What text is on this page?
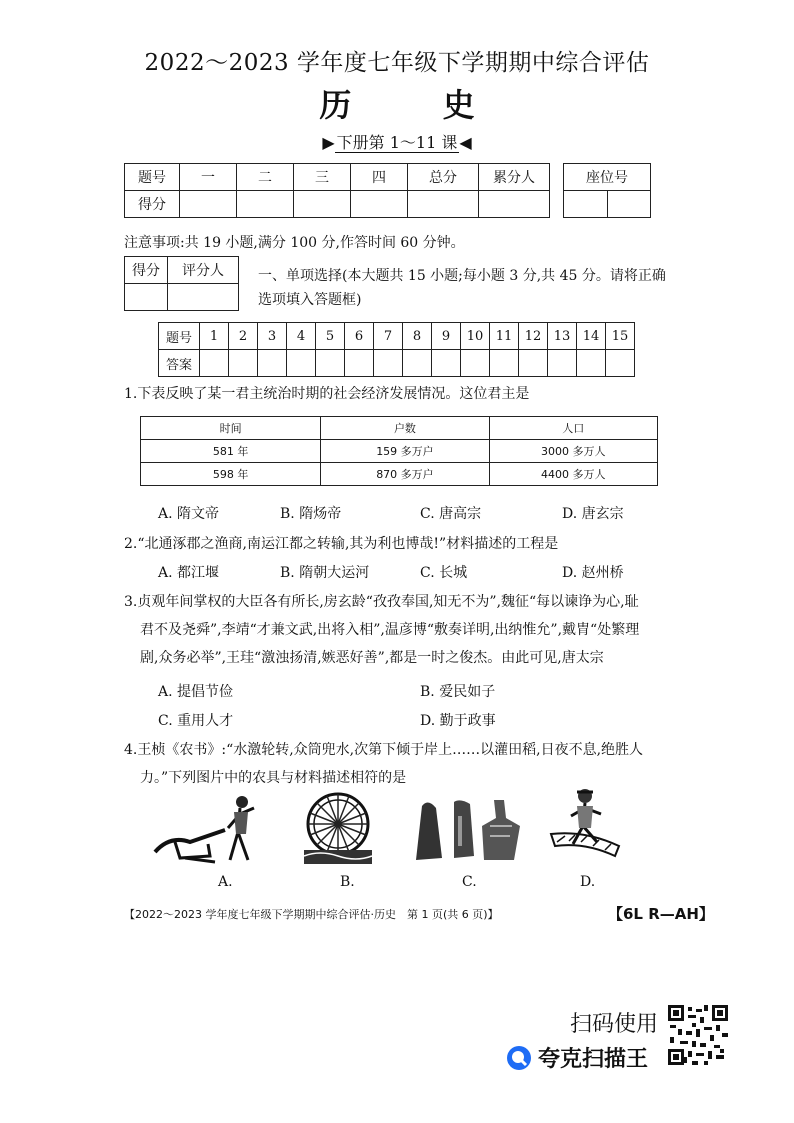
2022～2023 学年度七年级下学期期中综合评估
历 史
▶ 下册第 1～11 课 ◀
题号	一	二	三	四	总分	累分人
得分						
座位号

注意事项:共 19 小题,满分 100 分,作答时间 60 分钟。
得分	评分人
	一、单项选择(本大题共 15 小题;每小题 3 分,共 45 分。请将正确选项填入答题框)
题号	1	2	3	4	5	6	7	8	9	10	11	12	13	14	15
答案															
1.下表反映了某一君主统治时期的社会经济发展情况。这位君主是
时间	户数	人口
581 年	159 多万户	3000 多万人
598 年	870 多万户	4400 多万人
A. 隋文帝	B. 隋炀帝	C. 唐高宗	D. 唐玄宗
2.“北通涿郡之渔商,南运江都之转输,其为利也博哉!”材料描述的工程是
A. 都江堰	B. 隋朝大运河	C. 长城	D. 赵州桥
3.贞观年间掌权的大臣各有所长,房玄龄“孜孜奉国,知无不为”,魏征“每以谏诤为心,耻
君不及尧舜”,李靖“才兼文武,出将入相”,温彦博“敷奏详明,出纳惟允”,戴胄“处繁理
剧,众务必举”,王珪“激浊扬清,嫉恶好善”,都是一时之俊杰。由此可见,唐太宗
A. 提倡节俭	B. 爱民如子
C. 重用人才	D. 勤于政事
4.王桢《农书》:“水激轮转,众筒兜水,次第下倾于岸上……以灌田稻,日夜不息,绝胜人
力。”下列图片中的农具与材料描述相符的是
A.	B.	C.	D.
【2022～2023 学年度七年级下学期期中综合评估·历史　第 1 页(共 6 页)】	【6L R—AH】
扫码使用
夸克扫描王
